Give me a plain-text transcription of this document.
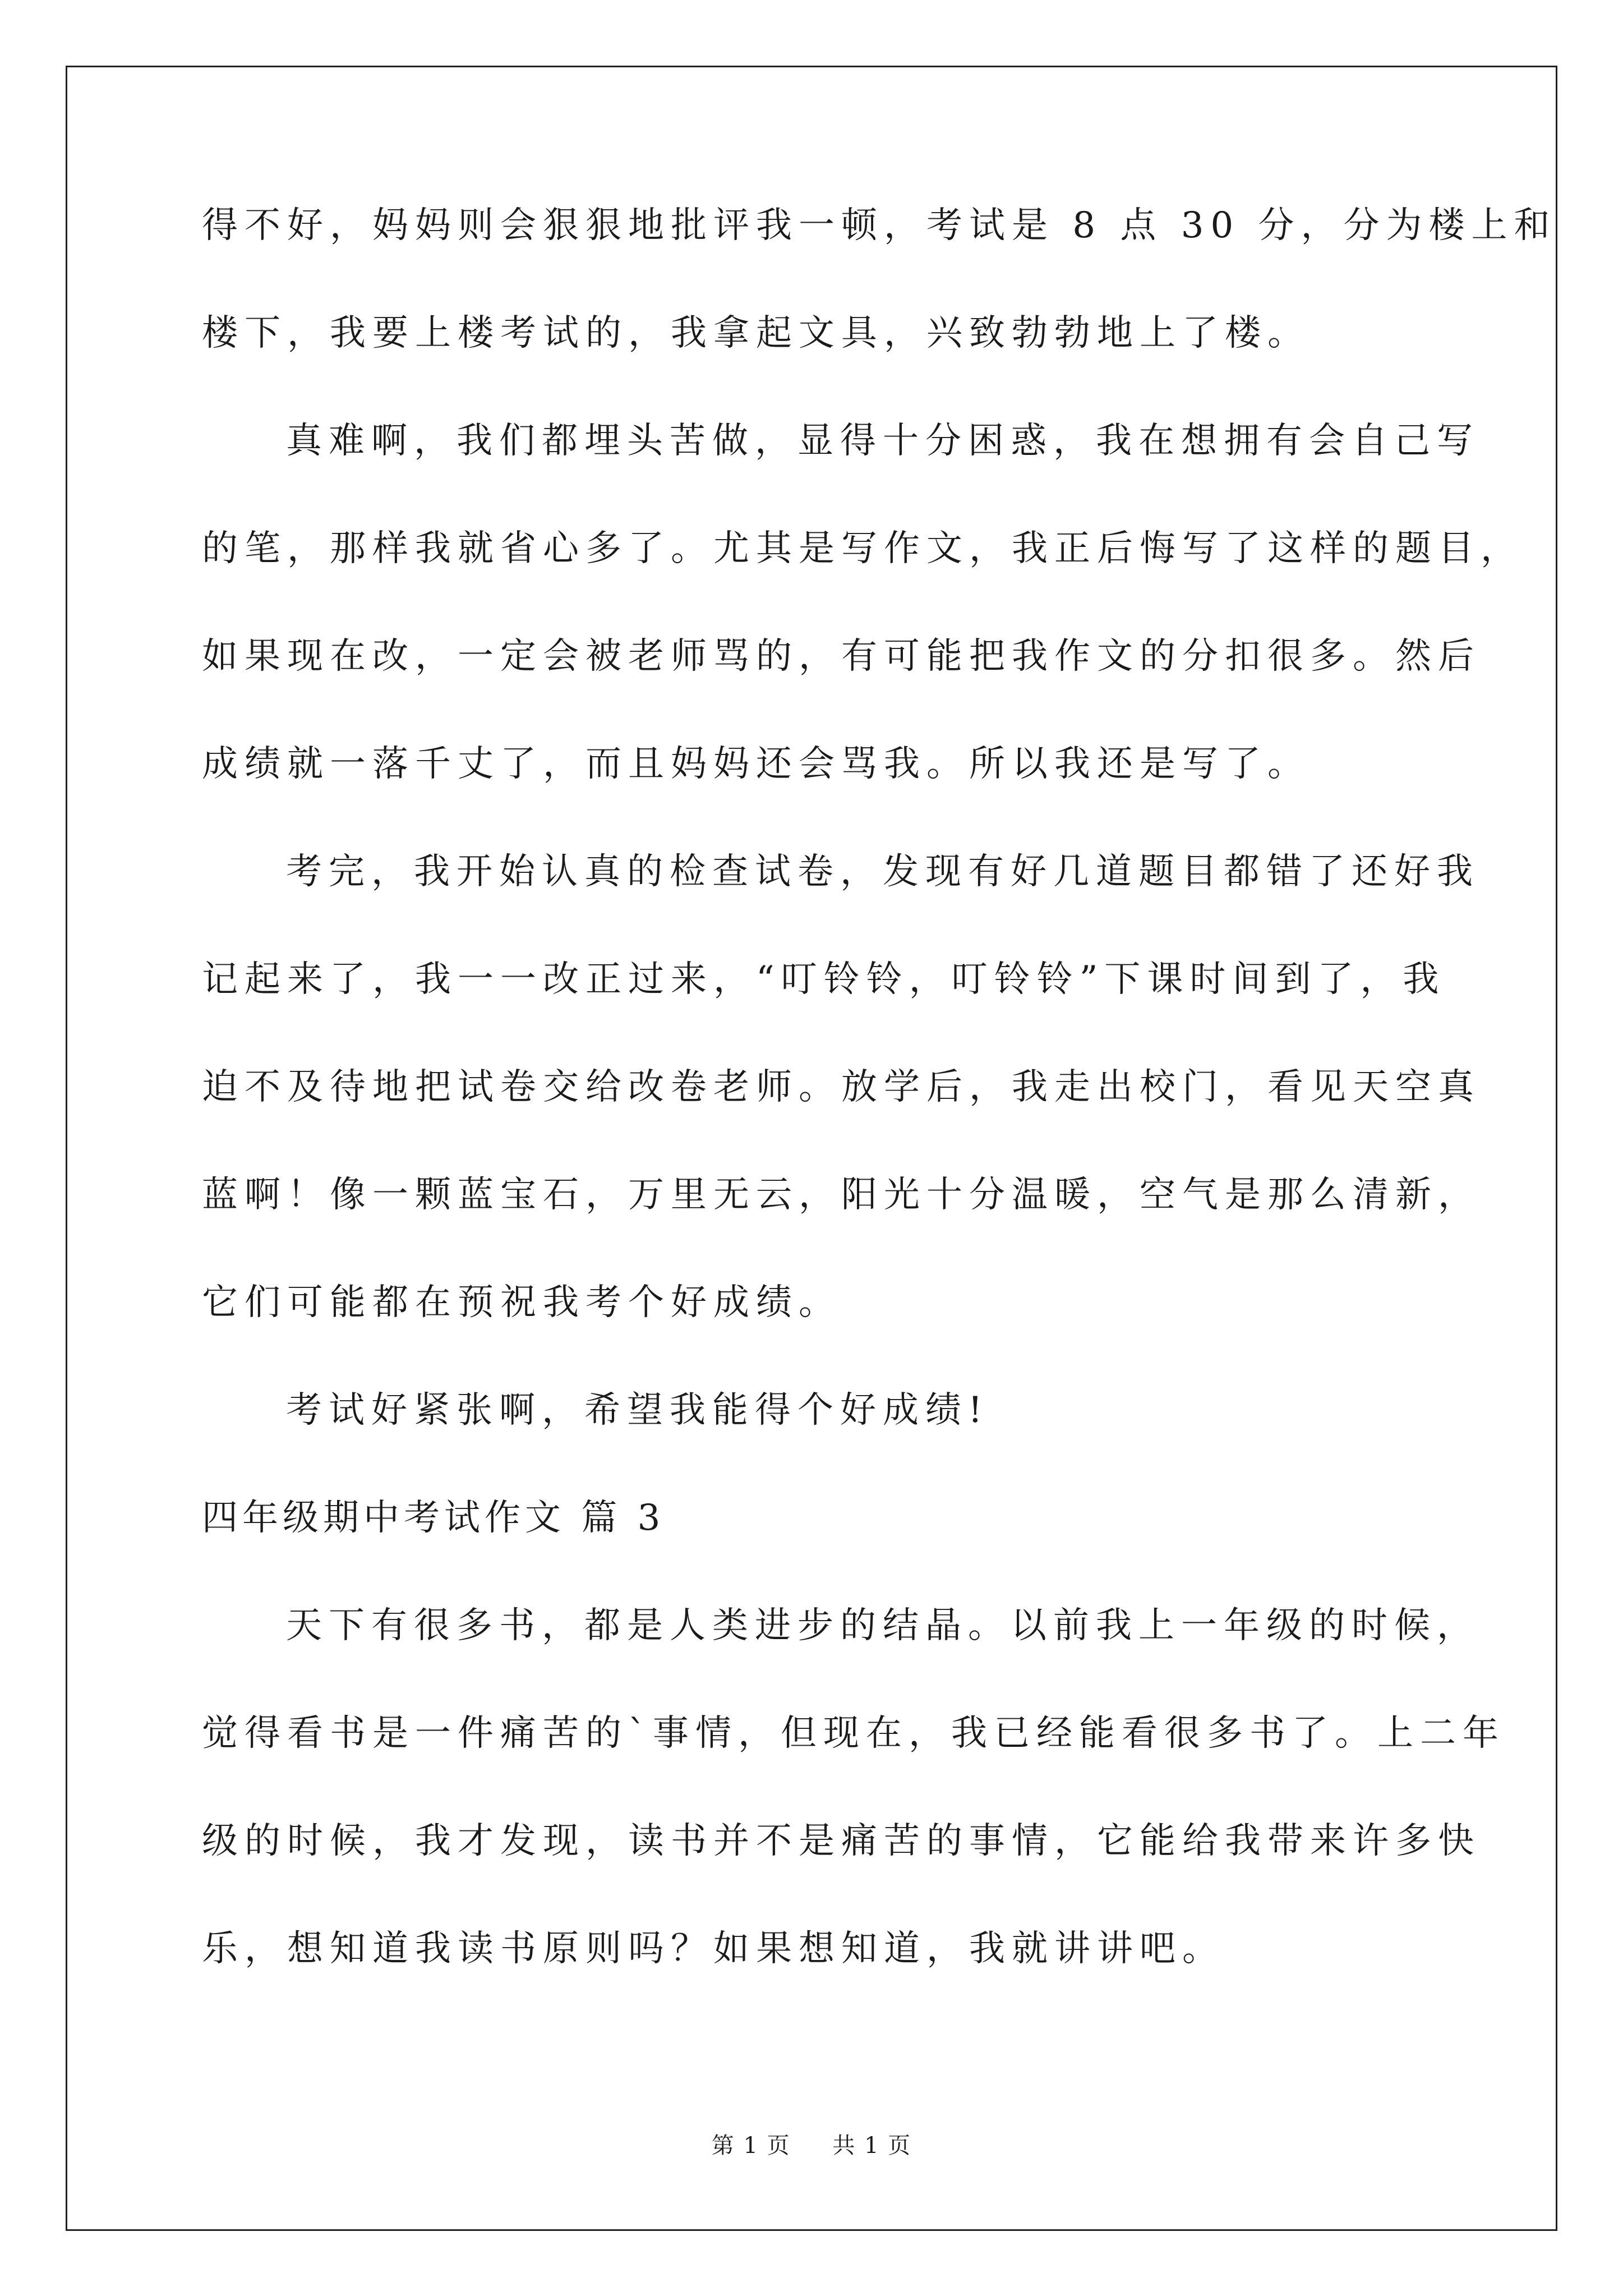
得不好，妈妈则会狠狠地批评我一顿，考试是 8 点 30 分，分为楼上和

楼下，我要上楼考试的，我拿起文具，兴致勃勃地上了楼。

真难啊，我们都埋头苦做，显得十分困惑，我在想拥有会自己写

的笔，那样我就省心多了。尤其是写作文，我正后悔写了这样的题目，

如果现在改，一定会被老师骂的，有可能把我作文的分扣很多。然后

成绩就一落千丈了，而且妈妈还会骂我。所以我还是写了。

考完，我开始认真的检查试卷，发现有好几道题目都错了还好我

记起来了，我一一改正过来，“叮铃铃，叮铃铃”下课时间到了，我

迫不及待地把试卷交给改卷老师。放学后，我走出校门，看见天空真

蓝啊！像一颗蓝宝石，万里无云，阳光十分温暖，空气是那么清新，

它们可能都在预祝我考个好成绩。

考试好紧张啊，希望我能得个好成绩!

四年级期中考试作文 篇 3

天下有很多书，都是人类进步的结晶。以前我上一年级的时候，

觉得看书是一件痛苦的`事情，但现在，我已经能看很多书了。上二年

级的时候，我才发现，读书并不是痛苦的事情，它能给我带来许多快

乐，想知道我读书原则吗？如果想知道，我就讲讲吧。

第 1 页 共 1 页
